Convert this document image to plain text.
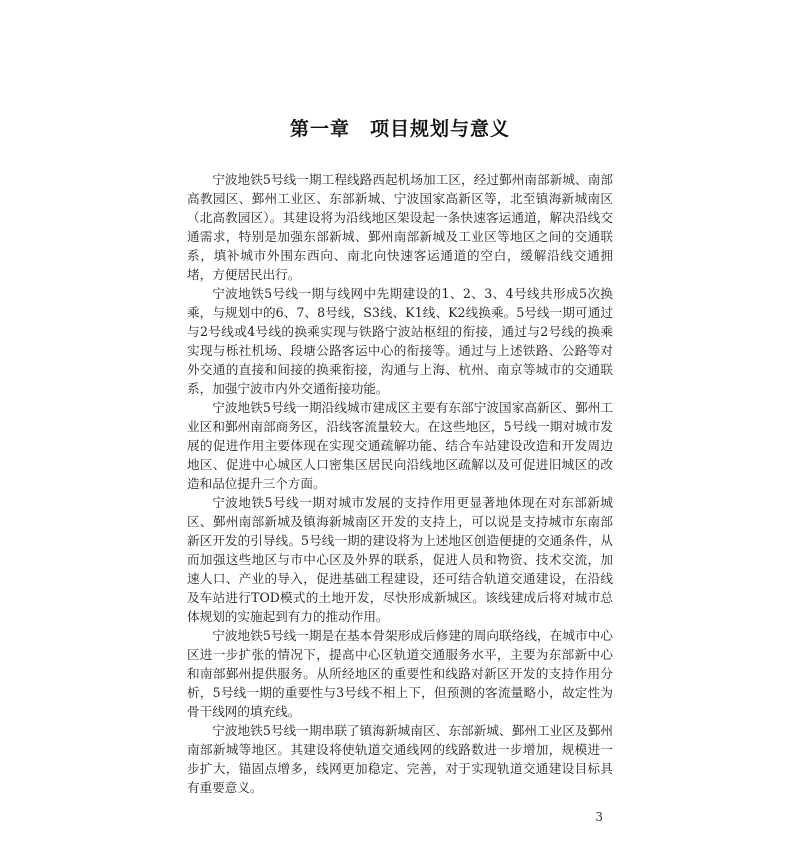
第一章　项目规划与意义

宁波地铁5号线一期工程线路西起机场加工区，经过鄞州南部新城、南部高教园区、鄞州工业区、东部新城、宁波国家高新区等，北至镇海新城南区（北高教园区）。其建设将为沿线地区架设起一条快速客运通道，解决沿线交通需求，特别是加强东部新城、鄞州南部新城及工业区等地区之间的交通联系，填补城市外围东西向、南北向快速客运通道的空白，缓解沿线交通拥堵，方便居民出行。

宁波地铁5号线一期与线网中先期建设的1、2、3、4号线共形成5次换乘，与规划中的6、7、8号线，S3线、K1线、K2线换乘。5号线一期可通过与2号线或4号线的换乘实现与铁路宁波站枢纽的衔接，通过与2号线的换乘实现与栎社机场、段塘公路客运中心的衔接等。通过与上述铁路、公路等对外交通的直接和间接的换乘衔接，沟通与上海、杭州、南京等城市的交通联系，加强宁波市内外交通衔接功能。

宁波地铁5号线一期沿线城市建成区主要有东部宁波国家高新区、鄞州工业区和鄞州南部商务区，沿线客流量较大。在这些地区，5号线一期对城市发展的促进作用主要体现在实现交通疏解功能、结合车站建设改造和开发周边地区、促进中心城区人口密集区居民向沿线地区疏解以及可促进旧城区的改造和品位提升三个方面。

宁波地铁5号线一期对城市发展的支持作用更显著地体现在对东部新城区、鄞州南部新城及镇海新城南区开发的支持上，可以说是支持城市东南部新区开发的引导线。5号线一期的建设将为上述地区创造便捷的交通条件，从而加强这些地区与市中心区及外界的联系，促进人员和物资、技术交流，加速人口、产业的导入，促进基础工程建设，还可结合轨道交通建设，在沿线及车站进行TOD模式的土地开发，尽快形成新城区。该线建成后将对城市总体规划的实施起到有力的推动作用。

宁波地铁5号线一期是在基本骨架形成后修建的周向联络线，在城市中心区进一步扩张的情况下，提高中心区轨道交通服务水平，主要为东部新中心和南部鄞州提供服务。从所经地区的重要性和线路对新区开发的支持作用分析，5号线一期的重要性与3号线不相上下，但预测的客流量略小，故定性为骨干线网的填充线。

宁波地铁5号线一期串联了镇海新城南区、东部新城、鄞州工业区及鄞州南部新城等地区。其建设将使轨道交通线网的线路数进一步增加，规模进一步扩大，锚固点增多，线网更加稳定、完善，对于实现轨道交通建设目标具有重要意义。

3
